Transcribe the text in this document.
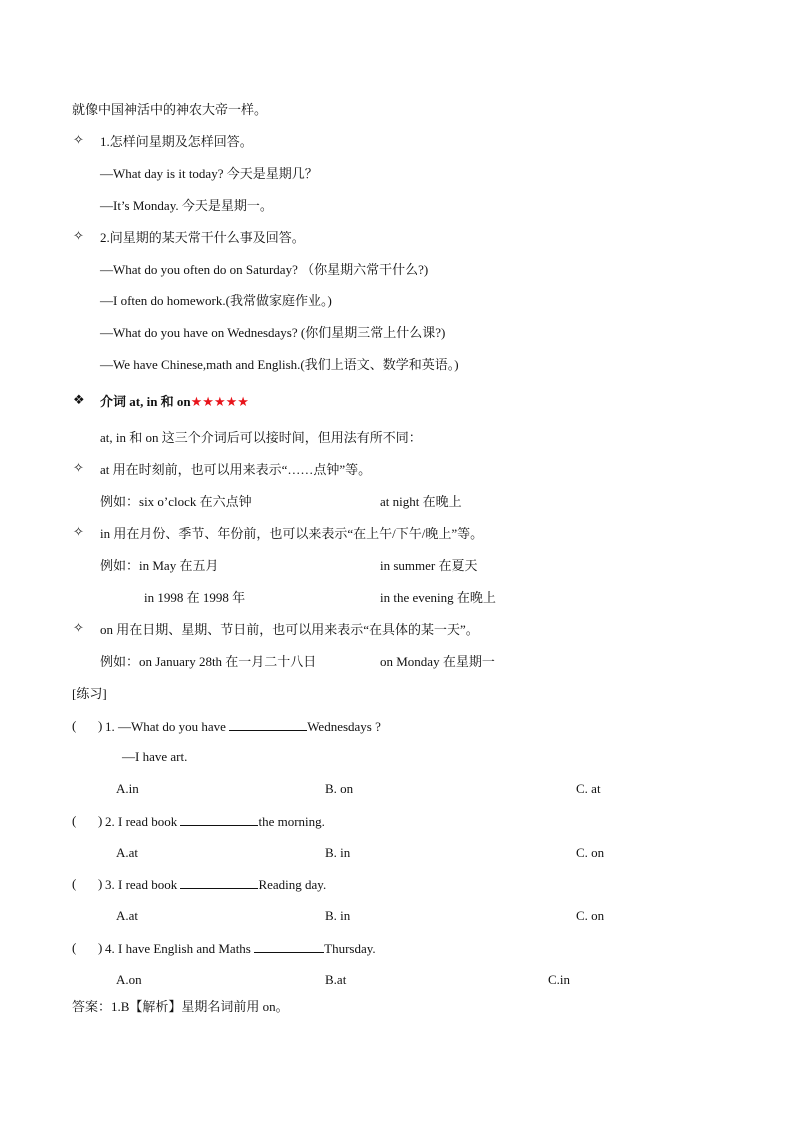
就像中国神活中的神农大帝一样。
✧ 1.怎样问星期及怎样回答。
—What day is it today? 今天是星期几？
—It’s Monday. 今天是星期一。
✧ 2.问星期的某天常干什么事及回答。
—What do you often do on Saturday? （你星期六常干什么?)
—I often do homework.(我常做家庭作业。)
—What do you have on Wednesdays? (你们星期三常上什么课?)
—We have Chinese,math and English.(我们上语文、数学和英语。)
❖ 介词 at, in 和 on★★★★★
at, in 和 on 这三个介词后可以接时间，但用法有所不同：
✧ at 用在时刻前，也可以用来表示“……点钟”等。
例如：six o’clock 在六点钟	at night 在晚上
✧ in 用在月份、季节、年份前，也可以来表示“在上午/下午/晚上”等。
例如：in May 在五月	in summer 在夏天
in 1998 在 1998 年	in the evening 在晚上
✧ on 用在日期、星期、节日前，也可以用来表示“在具体的某一天”。
例如：on January 28th 在一月二十八日	on Monday 在星期一
[练习]
( ) 1. —What do you have	Wednesdays ?
—I have art.
A.in	B. on	C. at
( ) 2. I read book	the morning.
A.at	B. in	C. on
( ) 3. I read book	Reading day.
A.at	B. in	C. on
( ) 4. I have English and Maths	Thursday.
A.on	B.at	C.in
答案：1.B【解析】星期名词前用 on。
